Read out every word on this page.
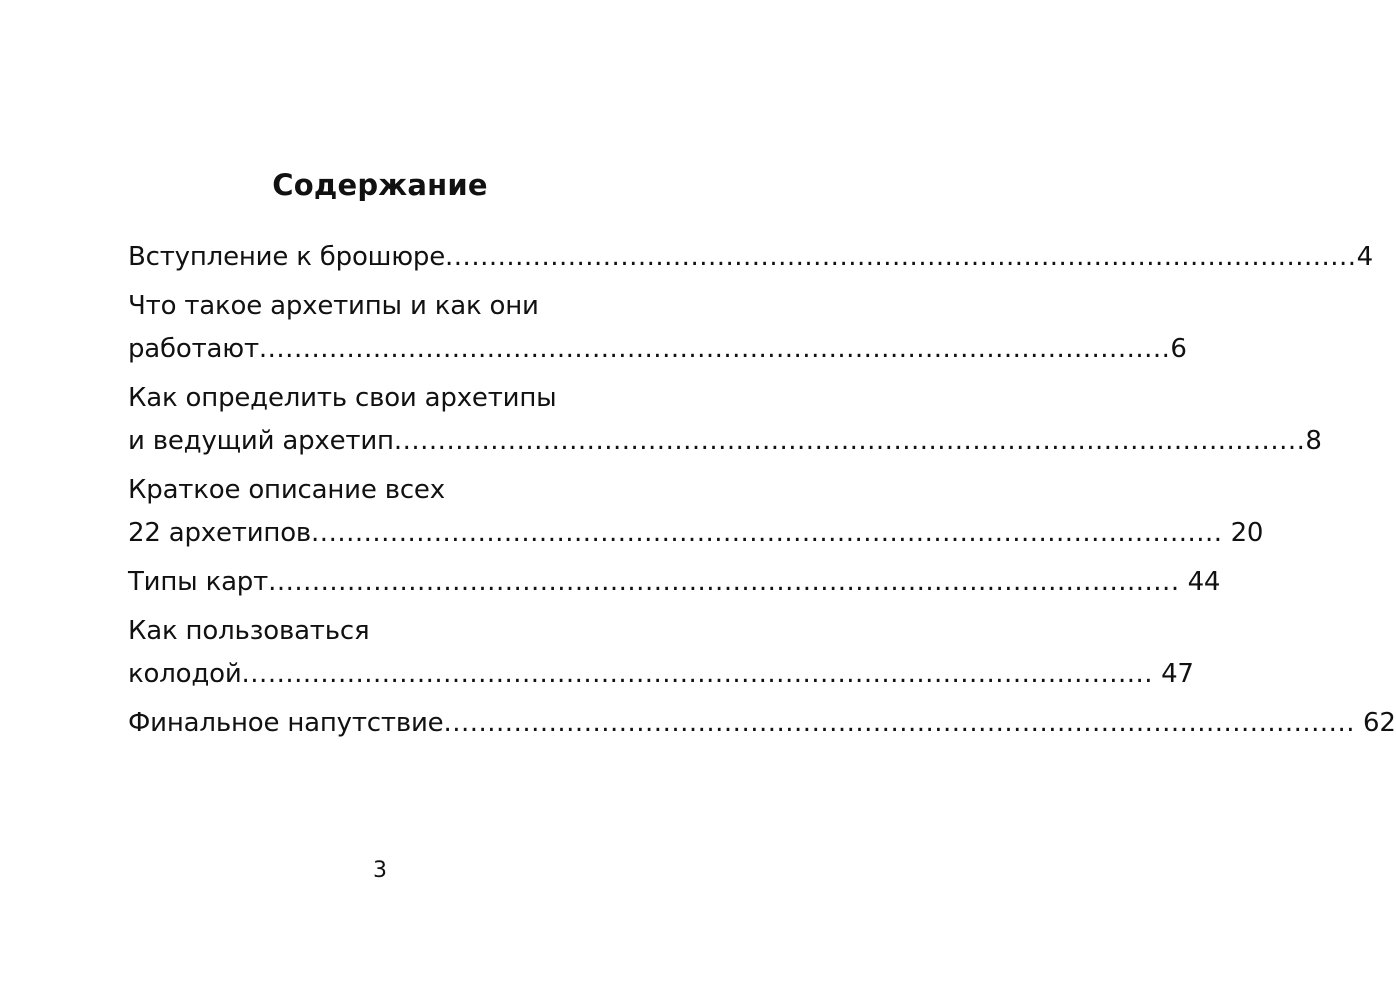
Содержание
Вступление к брошюре ........................................................................................................ 4
Что такое архетипы и как они
работают ........................................................................................................ 6
Как определить свои архетипы
и ведущий архетип ........................................................................................................ 8
Краткое описание всех
22 архетипов ........................................................................................................ 20
Типы карт ........................................................................................................ 44
Как пользоваться
колодой ........................................................................................................ 47
Финальное напутствие ........................................................................................................ 62
3
